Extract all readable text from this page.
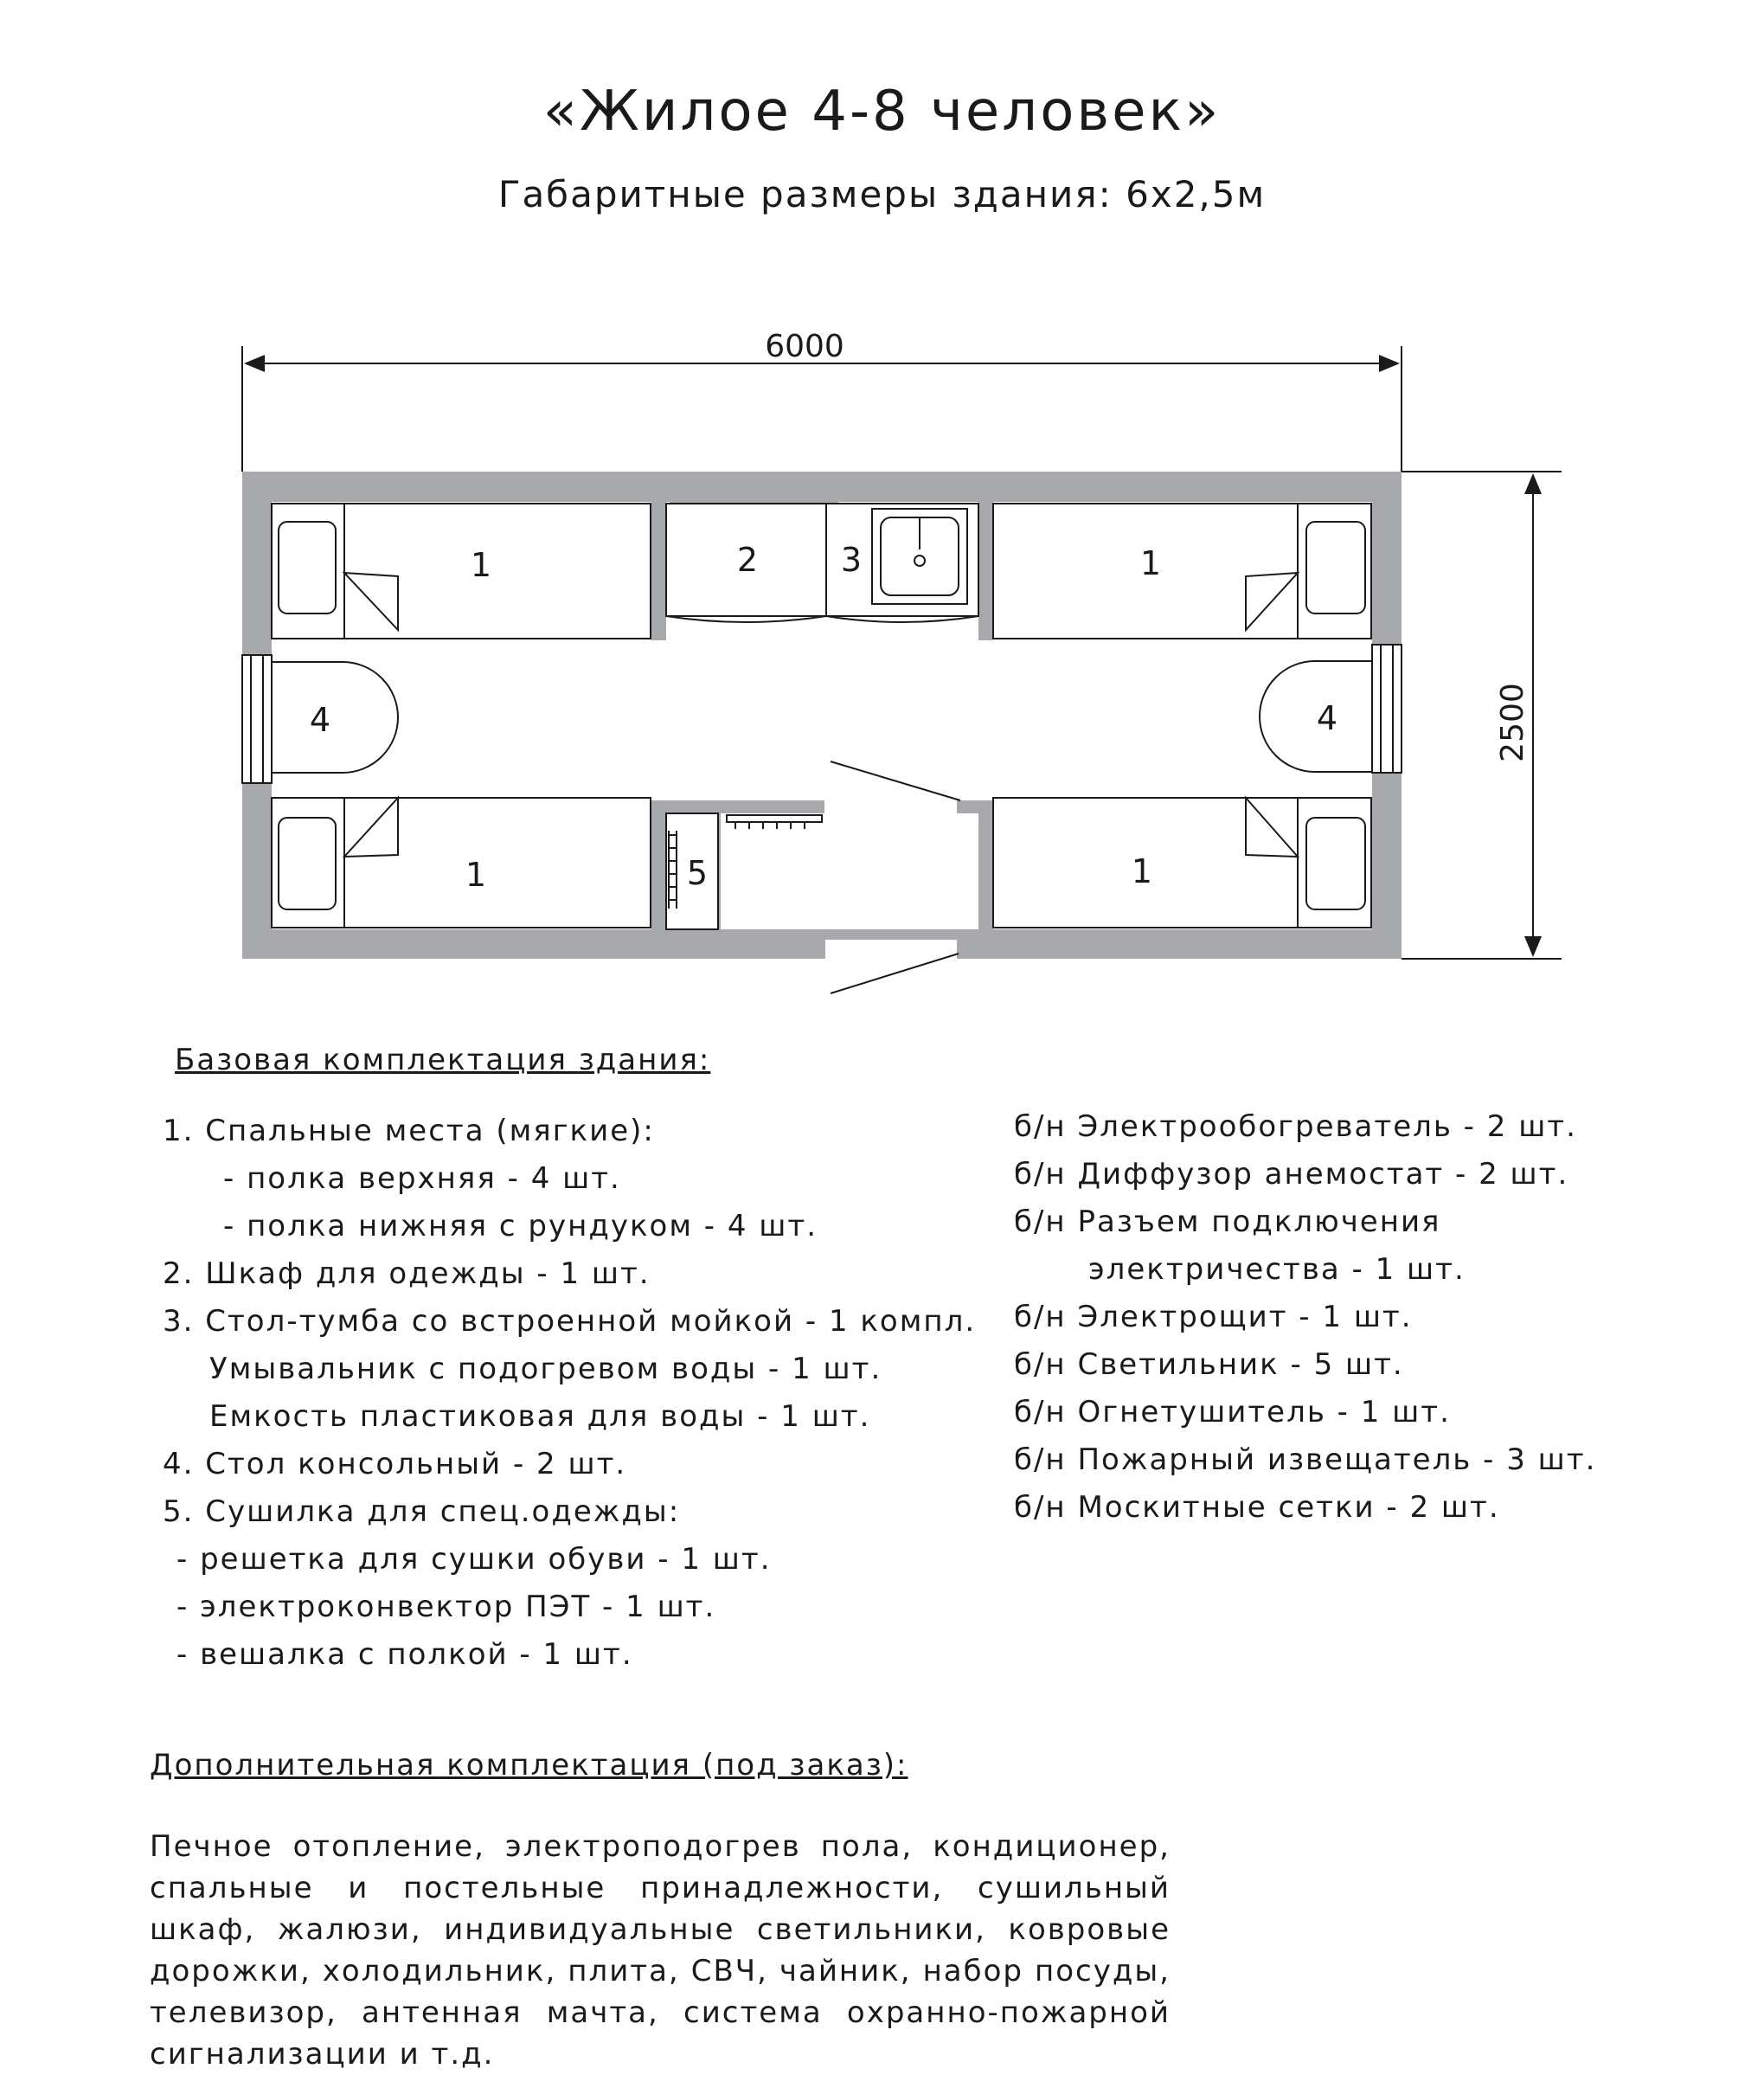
«Жилое 4-8 человек»
Габаритные размеры здания: 6х2,5м
6000
2500
1	1
1	1
2	3
4	4
5
Базовая комплектация здания:
1. Спальные места (мягкие):
- полка верхняя - 4 шт.
- полка нижняя с рундуком - 4 шт.
2. Шкаф для одежды - 1 шт.
3. Стол-тумба со встроенной мойкой - 1 компл.
Умывальник с подогревом воды - 1 шт.
Емкость пластиковая для воды - 1 шт.
4. Стол консольный - 2 шт.
5. Сушилка для спец.одежды:
- решетка для сушки обуви - 1 шт.
- электроконвектор ПЭТ - 1 шт.
- вешалка с полкой - 1 шт.
б/н Электрообогреватель - 2 шт.
б/н Диффузор анемостат - 2 шт.
б/н Разъем подключения
электричества - 1 шт.
б/н Электрощит - 1 шт.
б/н Светильник - 5 шт.
б/н Огнетушитель - 1 шт.
б/н Пожарный извещатель - 3 шт.
б/н Москитные сетки - 2 шт.
Дополнительная комплектация (под заказ):
Печное отопление, электроподогрев пола, кондиционер, спальные и постельные принадлежности, сушильный шкаф, жалюзи, индивидуальные светильники, ковровые дорожки, холодильник, плита, СВЧ, чайник, набор посуды, телевизор, антенная мачта, система охранно-пожарной сигнализации и т.д.
